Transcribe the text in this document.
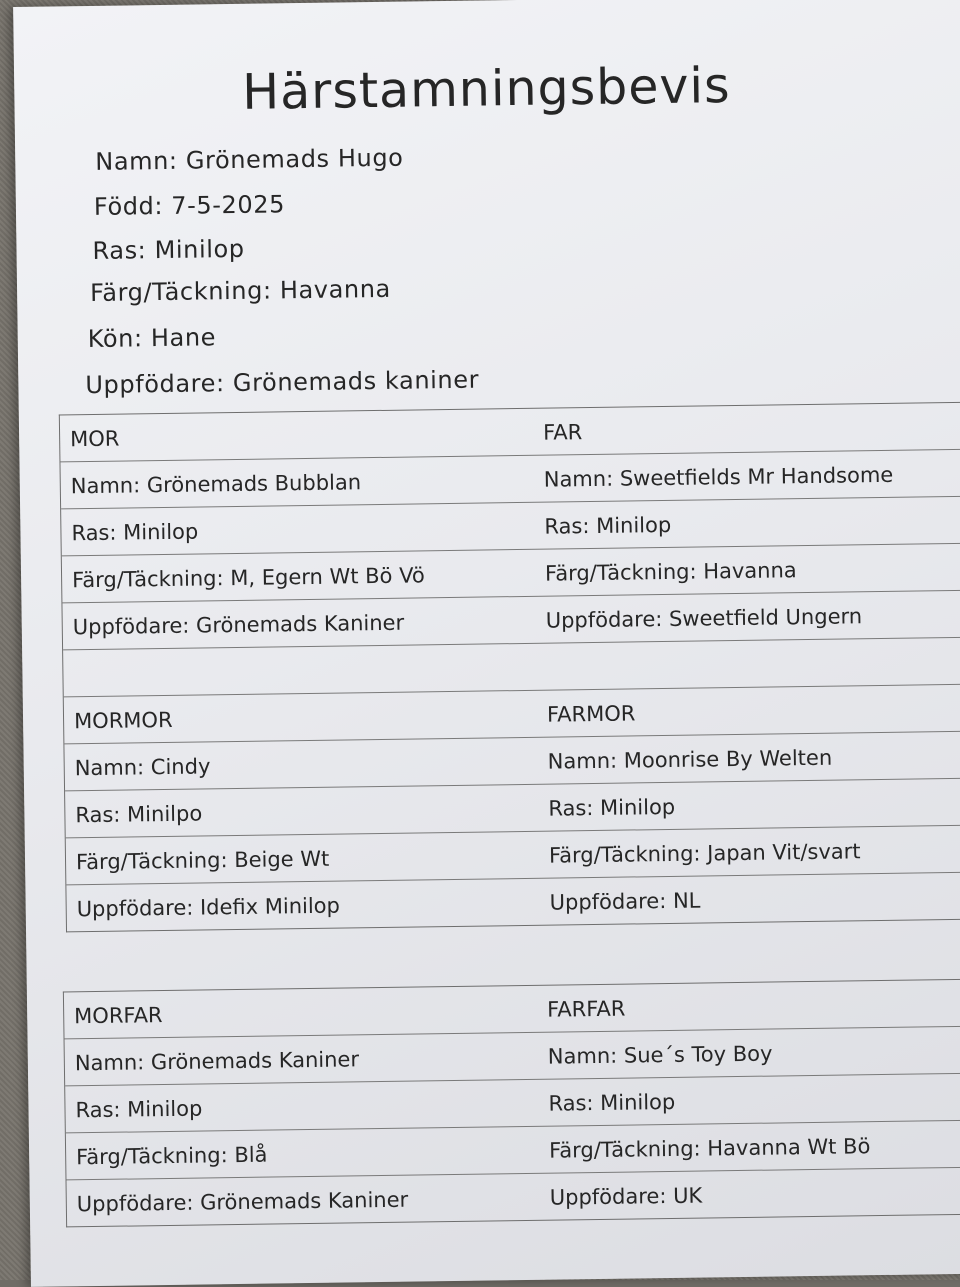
Härstamningsbevis
Namn: Grönemads Hugo
Född: 7-5-2025
Ras: Minilop
Färg/Täckning: Havanna
Kön: Hane
Uppfödare: Grönemads kaniner
MOR	FAR
Namn: Grönemads Bubblan	Namn: Sweetfields Mr Handsome
Ras: Minilop	Ras: Minilop
Färg/Täckning: M, Egern Wt Bö Vö	Färg/Täckning: Havanna
Uppfödare: Grönemads Kaniner	Uppfödare: Sweetfield Ungern
MORMOR	FARMOR
Namn: Cindy	Namn: Moonrise By Welten
Ras: Minilpo	Ras: Minilop
Färg/Täckning: Beige Wt	Färg/Täckning: Japan Vit/svart
Uppfödare: Idefix Minilop	Uppfödare: NL
MORFAR	FARFAR
Namn: Grönemads Kaniner	Namn: Sue´s Toy Boy
Ras: Minilop	Ras: Minilop
Färg/Täckning: Blå	Färg/Täckning: Havanna Wt Bö
Uppfödare: Grönemads Kaniner	Uppfödare: UK
